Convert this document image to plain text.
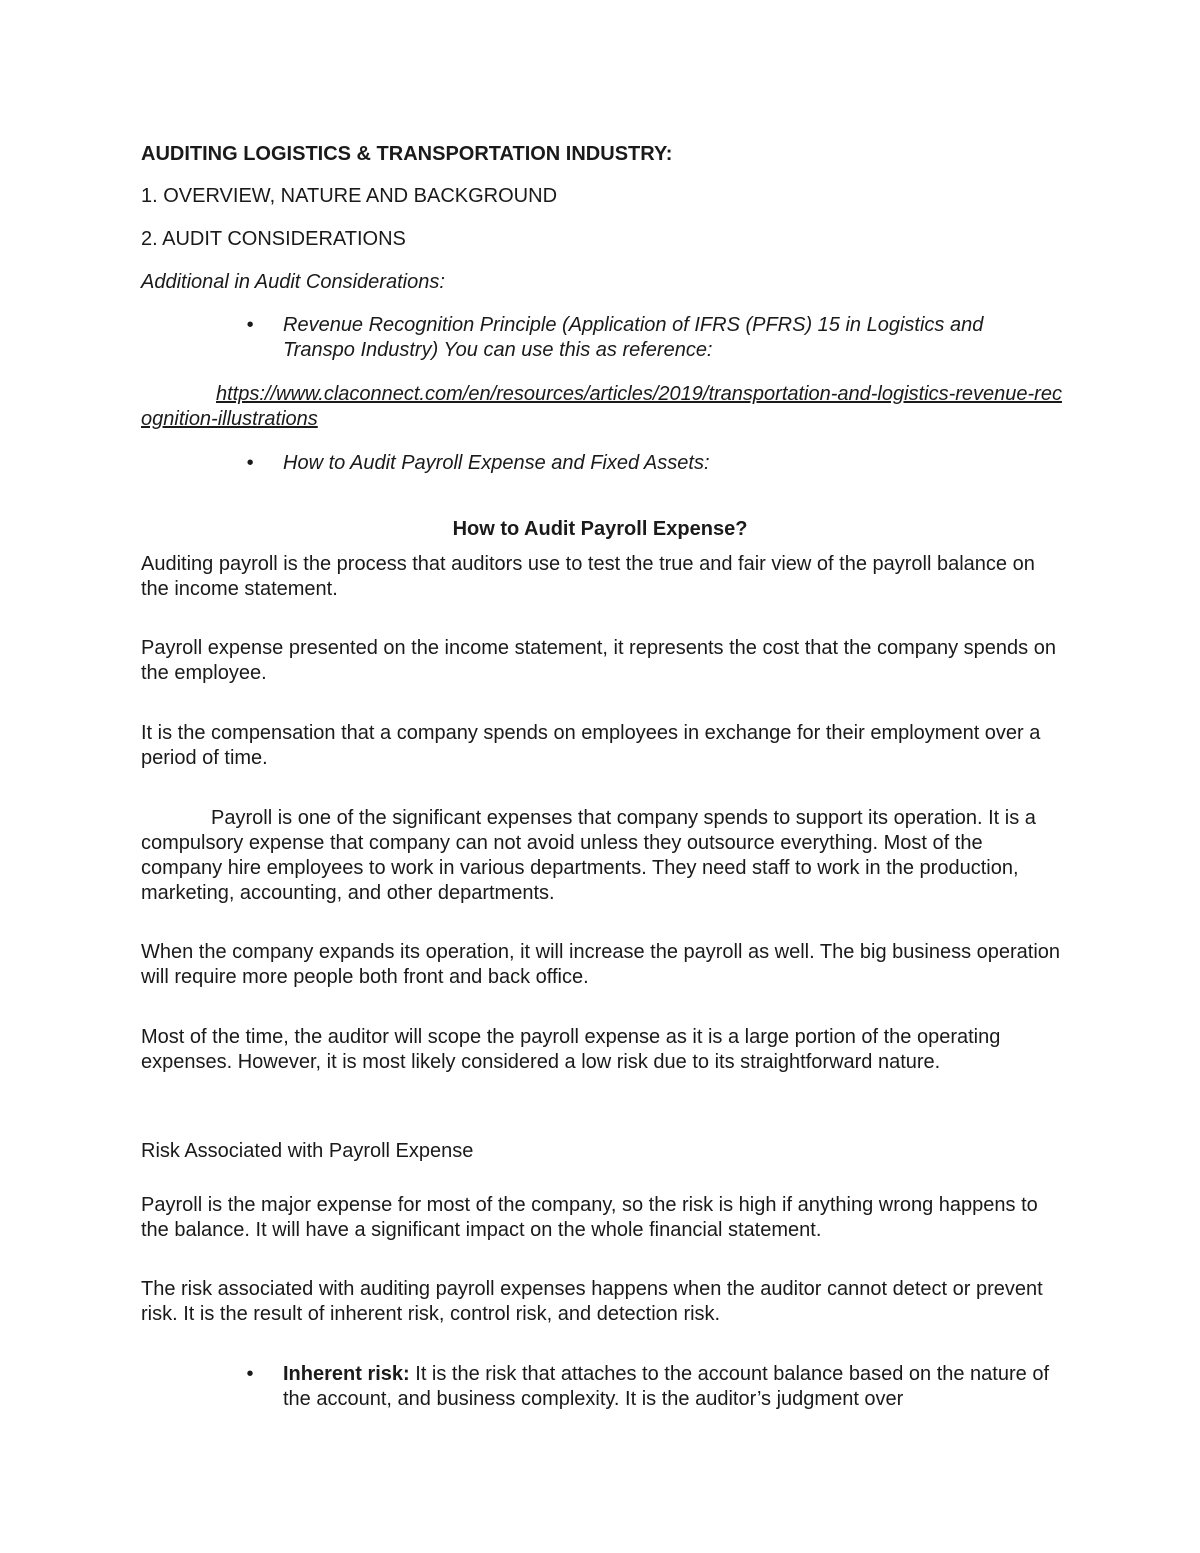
AUDITING LOGISTICS & TRANSPORTATION INDUSTRY:

1. OVERVIEW, NATURE AND BACKGROUND

2. AUDIT CONSIDERATIONS

Additional in Audit Considerations:

• Revenue Recognition Principle (Application of IFRS (PFRS) 15 in Logistics and Transpo Industry) You can use this as reference:
https://www.claconnect.com/en/resources/articles/2019/transportation-and-logistics-revenue-recognition-illustrations
• How to Audit Payroll Expense and Fixed Assets:

How to Audit Payroll Expense?

Auditing payroll is the process that auditors use to test the true and fair view of the payroll balance on the income statement.

Payroll expense presented on the income statement, it represents the cost that the company spends on the employee.

It is the compensation that a company spends on employees in exchange for their employment over a period of time.

Payroll is one of the significant expenses that company spends to support its operation. It is a compulsory expense that company can not avoid unless they outsource everything. Most of the company hire employees to work in various departments. They need staff to work in the production, marketing, accounting, and other departments.

When the company expands its operation, it will increase the payroll as well. The big business operation will require more people both front and back office.

Most of the time, the auditor will scope the payroll expense as it is a large portion of the operating expenses. However, it is most likely considered a low risk due to its straightforward nature.

Risk Associated with Payroll Expense

Payroll is the major expense for most of the company, so the risk is high if anything wrong happens to the balance. It will have a significant impact on the whole financial statement.

The risk associated with auditing payroll expenses happens when the auditor cannot detect or prevent risk. It is the result of inherent risk, control risk, and detection risk.

• Inherent risk: It is the risk that attaches to the account balance based on the nature of the account, and business complexity. It is the auditor’s judgment over
